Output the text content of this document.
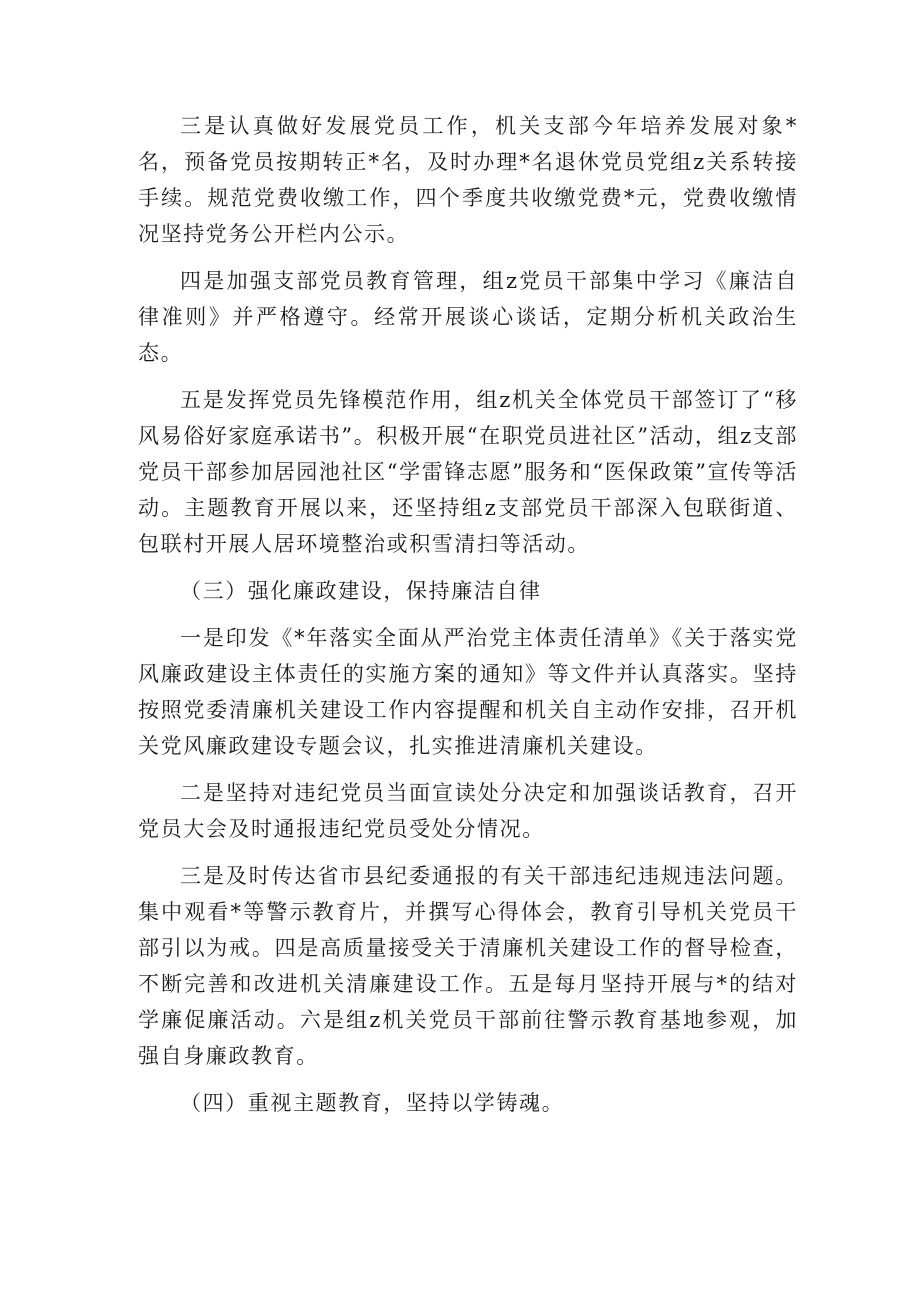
三是认真做好发展党员工作，机关支部今年培养发展对象*名，预备党员按期转正*名，及时办理*名退休党员党组z关系转接手续。规范党费收缴工作，四个季度共收缴党费*元，党费收缴情况坚持党务公开栏内公示。

四是加强支部党员教育管理，组z党员干部集中学习《廉洁自律准则》并严格遵守。经常开展谈心谈话，定期分析机关政治生态。

五是发挥党员先锋模范作用，组z机关全体党员干部签订了“移风易俗好家庭承诺书”。积极开展“在职党员进社区”活动，组z支部党员干部参加居园池社区“学雷锋志愿”服务和“医保政策”宣传等活动。主题教育开展以来，还坚持组z支部党员干部深入包联街道、包联村开展人居环境整治或积雪清扫等活动。

（三）强化廉政建设，保持廉洁自律

一是印发《*年落实全面从严治党主体责任清单》《关于落实党风廉政建设主体责任的实施方案的通知》等文件并认真落实。坚持按照党委清廉机关建设工作内容提醒和机关自主动作安排，召开机关党风廉政建设专题会议，扎实推进清廉机关建设。

二是坚持对违纪党员当面宣读处分决定和加强谈话教育，召开党员大会及时通报违纪党员受处分情况。

三是及时传达省市县纪委通报的有关干部违纪违规违法问题。集中观看*等警示教育片，并撰写心得体会，教育引导机关党员干部引以为戒。四是高质量接受关于清廉机关建设工作的督导检查，不断完善和改进机关清廉建设工作。五是每月坚持开展与*的结对学廉促廉活动。六是组z机关党员干部前往警示教育基地参观，加强自身廉政教育。

（四）重视主题教育，坚持以学铸魂。
